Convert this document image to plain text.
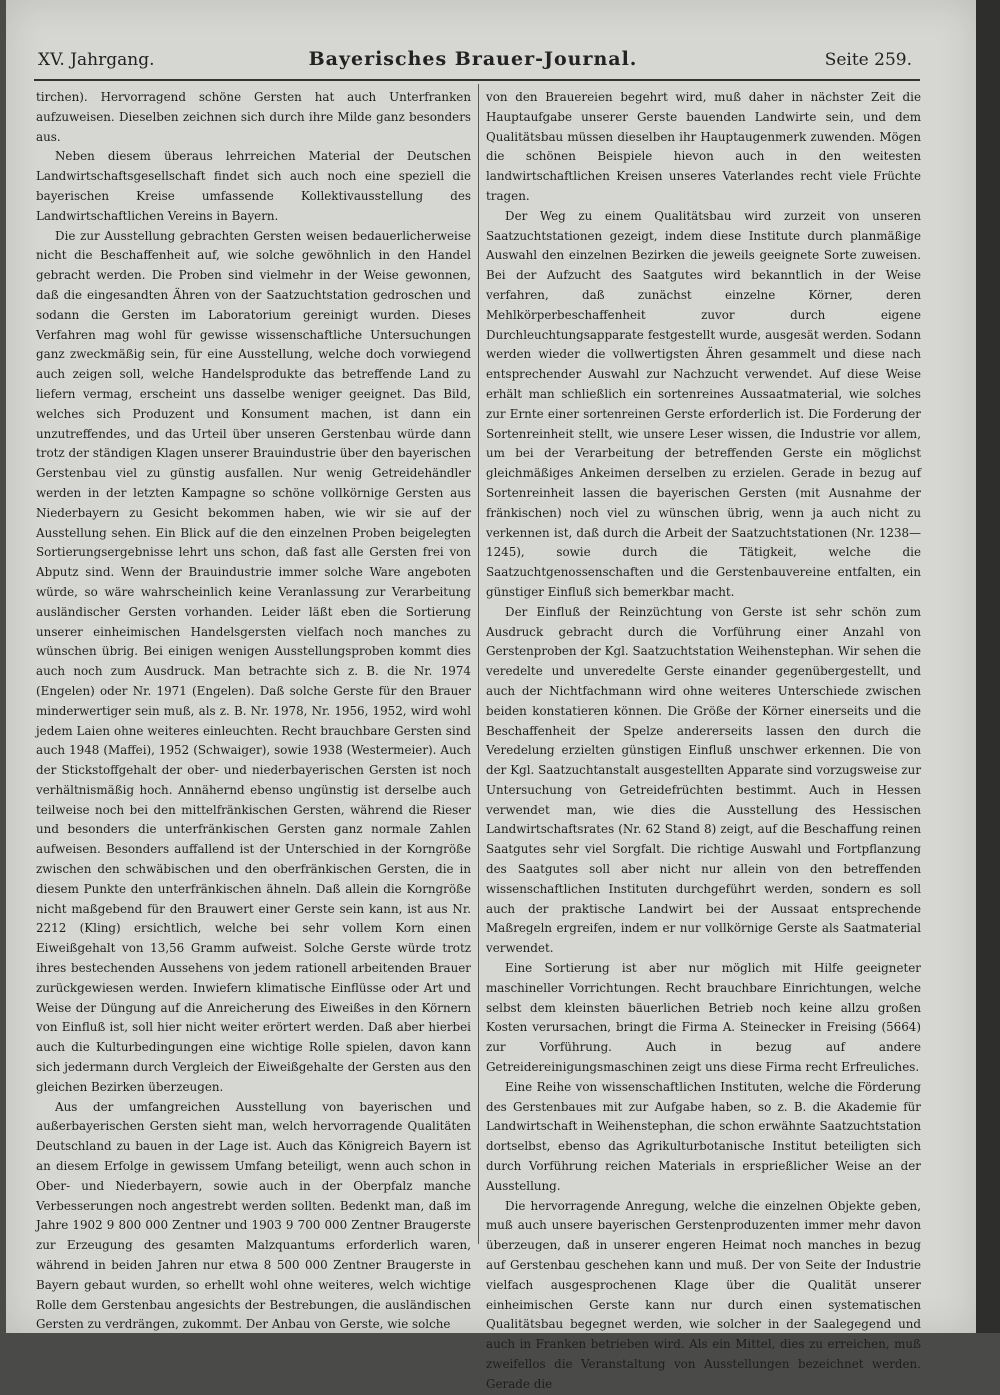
XV. Jahrgang.	Bayerisches Brauer-Journal.	Seite 259.

tirchen). Hervorragend schöne Gersten hat auch Unterfranken aufzuweisen. Dieselben zeichnen sich durch ihre Milde ganz besonders aus.

Neben diesem überaus lehrreichen Material der Deutschen Landwirtschaftsgesellschaft findet sich auch noch eine speziell die bayerischen Kreise umfassende Kollektivausstellung des Landwirtschaftlichen Vereins in Bayern.

Die zur Ausstellung gebrachten Gersten weisen bedauerlicherweise nicht die Beschaffenheit auf, wie solche gewöhnlich in den Handel gebracht werden. Die Proben sind vielmehr in der Weise gewonnen, daß die eingesandten Ähren von der Saatzuchtstation gedroschen und sodann die Gersten im Laboratorium gereinigt wurden. Dieses Verfahren mag wohl für gewisse wissenschaftliche Untersuchungen ganz zweckmäßig sein, für eine Ausstellung, welche doch vorwiegend auch zeigen soll, welche Handelsprodukte das betreffende Land zu liefern vermag, erscheint uns dasselbe weniger geeignet. Das Bild, welches sich Produzent und Konsument machen, ist dann ein unzutreffendes, und das Urteil über unseren Gerstenbau würde dann trotz der ständigen Klagen unserer Brauindustrie über den bayerischen Gerstenbau viel zu günstig ausfallen. Nur wenig Getreidehändler werden in der letzten Kampagne so schöne vollkörnige Gersten aus Niederbayern zu Gesicht bekommen haben, wie wir sie auf der Ausstellung sehen. Ein Blick auf die den einzelnen Proben beigelegten Sortierungsergebnisse lehrt uns schon, daß fast alle Gersten frei von Abputz sind. Wenn der Brauindustrie immer solche Ware angeboten würde, so wäre wahrscheinlich keine Veranlassung zur Verarbeitung ausländischer Gersten vorhanden. Leider läßt eben die Sortierung unserer einheimischen Handelsgersten vielfach noch manches zu wünschen übrig. Bei einigen wenigen Ausstellungsproben kommt dies auch noch zum Ausdruck. Man betrachte sich z. B. die Nr. 1974 (Engelen) oder Nr. 1971 (Engelen). Daß solche Gerste für den Brauer minderwertiger sein muß, als z. B. Nr. 1978, Nr. 1956, 1952, wird wohl jedem Laien ohne weiteres einleuchten. Recht brauchbare Gersten sind auch 1948 (Maffei), 1952 (Schwaiger), sowie 1938 (Westermeier). Auch der Stickstoffgehalt der ober- und niederbayerischen Gersten ist noch verhältnismäßig hoch. Annähernd ebenso ungünstig ist derselbe auch teilweise noch bei den mittelfränkischen Gersten, während die Rieser und besonders die unterfränkischen Gersten ganz normale Zahlen aufweisen. Besonders auffallend ist der Unterschied in der Korngröße zwischen den schwäbischen und den oberfränkischen Gersten, die in diesem Punkte den unterfränkischen ähneln. Daß allein die Korngröße nicht maßgebend für den Brauwert einer Gerste sein kann, ist aus Nr. 2212 (Kling) ersichtlich, welche bei sehr vollem Korn einen Eiweißgehalt von 13,56 Gramm aufweist. Solche Gerste würde trotz ihres bestechenden Aussehens von jedem rationell arbeitenden Brauer zurückgewiesen werden. Inwiefern klimatische Einflüsse oder Art und Weise der Düngung auf die Anreicherung des Eiweißes in den Körnern von Einfluß ist, soll hier nicht weiter erörtert werden. Daß aber hierbei auch die Kulturbedingungen eine wichtige Rolle spielen, davon kann sich jedermann durch Vergleich der Eiweißgehalte der Gersten aus den gleichen Bezirken überzeugen.

Aus der umfangreichen Ausstellung von bayerischen und außerbayerischen Gersten sieht man, welch hervorragende Qualitäten Deutschland zu bauen in der Lage ist. Auch das Königreich Bayern ist an diesem Erfolge in gewissem Umfang beteiligt, wenn auch schon in Ober- und Niederbayern, sowie auch in der Oberpfalz manche Verbesserungen noch angestrebt werden sollten. Bedenkt man, daß im Jahre 1902 9 800 000 Zentner und 1903 9 700 000 Zentner Braugerste zur Erzeugung des gesamten Malzquantums erforderlich waren, während in beiden Jahren nur etwa 8 500 000 Zentner Braugerste in Bayern gebaut wurden, so erhellt wohl ohne weiteres, welch wichtige Rolle dem Gerstenbau angesichts der Bestrebungen, die ausländischen Gersten zu verdrängen, zukommt. Der Anbau von Gerste, wie solche

von den Brauereien begehrt wird, muß daher in nächster Zeit die Hauptaufgabe unserer Gerste bauenden Landwirte sein, und dem Qualitätsbau müssen dieselben ihr Hauptaugenmerk zuwenden. Mögen die schönen Beispiele hievon auch in den weitesten landwirtschaftlichen Kreisen unseres Vaterlandes recht viele Früchte tragen.

Der Weg zu einem Qualitätsbau wird zurzeit von unseren Saatzuchtstationen gezeigt, indem diese Institute durch planmäßige Auswahl den einzelnen Bezirken die jeweils geeignete Sorte zuweisen. Bei der Aufzucht des Saatgutes wird bekanntlich in der Weise verfahren, daß zunächst einzelne Körner, deren Mehlkörperbeschaffenheit zuvor durch eigene Durchleuchtungsapparate festgestellt wurde, ausgesät werden. Sodann werden wieder die vollwertigsten Ähren gesammelt und diese nach entsprechender Auswahl zur Nachzucht verwendet. Auf diese Weise erhält man schließlich ein sortenreines Aussaatmaterial, wie solches zur Ernte einer sortenreinen Gerste erforderlich ist. Die Forderung der Sortenreinheit stellt, wie unsere Leser wissen, die Industrie vor allem, um bei der Verarbeitung der betreffenden Gerste ein möglichst gleichmäßiges Ankeimen derselben zu erzielen. Gerade in bezug auf Sortenreinheit lassen die bayerischen Gersten (mit Ausnahme der fränkischen) noch viel zu wünschen übrig, wenn ja auch nicht zu verkennen ist, daß durch die Arbeit der Saatzuchtstationen (Nr. 1238—1245), sowie durch die Tätigkeit, welche die Saatzuchtgenossenschaften und die Gerstenbauvereine entfalten, ein günstiger Einfluß sich bemerkbar macht.

Der Einfluß der Reinzüchtung von Gerste ist sehr schön zum Ausdruck gebracht durch die Vorführung einer Anzahl von Gerstenproben der Kgl. Saatzuchtstation Weihenstephan. Wir sehen die veredelte und unveredelte Gerste einander gegenübergestellt, und auch der Nichtfachmann wird ohne weiteres Unterschiede zwischen beiden konstatieren können. Die Größe der Körner einerseits und die Beschaffenheit der Spelze andererseits lassen den durch die Veredelung erzielten günstigen Einfluß unschwer erkennen. Die von der Kgl. Saatzuchtanstalt ausgestellten Apparate sind vorzugsweise zur Untersuchung von Getreidefrüchten bestimmt. Auch in Hessen verwendet man, wie dies die Ausstellung des Hessischen Landwirtschaftsrates (Nr. 62 Stand 8) zeigt, auf die Beschaffung reinen Saatgutes sehr viel Sorgfalt. Die richtige Auswahl und Fortpflanzung des Saatgutes soll aber nicht nur allein von den betreffenden wissenschaftlichen Instituten durchgeführt werden, sondern es soll auch der praktische Landwirt bei der Aussaat entsprechende Maßregeln ergreifen, indem er nur vollkörnige Gerste als Saatmaterial verwendet.

Eine Sortierung ist aber nur möglich mit Hilfe geeigneter maschineller Vorrichtungen. Recht brauchbare Einrichtungen, welche selbst dem kleinsten bäuerlichen Betrieb noch keine allzu großen Kosten verursachen, bringt die Firma A. Steinecker in Freising (5664) zur Vorführung. Auch in bezug auf andere Getreidereinigungsmaschinen zeigt uns diese Firma recht Erfreuliches.

Eine Reihe von wissenschaftlichen Instituten, welche die Förderung des Gerstenbaues mit zur Aufgabe haben, so z. B. die Akademie für Landwirtschaft in Weihenstephan, die schon erwähnte Saatzuchtstation dortselbst, ebenso das Agrikulturbotanische Institut beteiligten sich durch Vorführung reichen Materials in ersprießlicher Weise an der Ausstellung.

Die hervorragende Anregung, welche die einzelnen Objekte geben, muß auch unsere bayerischen Gerstenproduzenten immer mehr davon überzeugen, daß in unserer engeren Heimat noch manches in bezug auf Gerstenbau geschehen kann und muß. Der von Seite der Industrie vielfach ausgesprochenen Klage über die Qualität unserer einheimischen Gerste kann nur durch einen systematischen Qualitätsbau begegnet werden, wie solcher in der Saalegegend und auch in Franken betrieben wird. Als ein Mittel, dies zu erreichen, muß zweifellos die Veranstaltung von Ausstellungen bezeichnet werden. Gerade die
